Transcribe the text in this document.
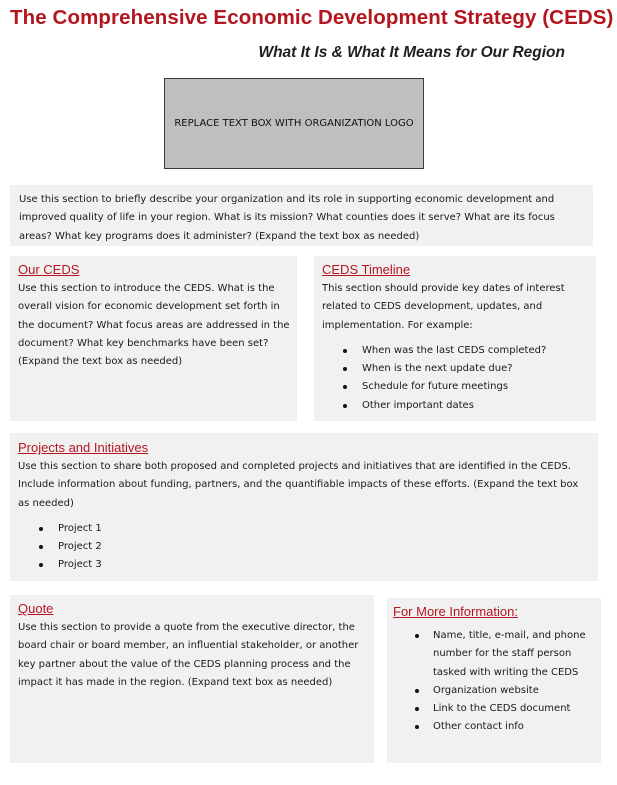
The Comprehensive Economic Development Strategy (CEDS)
What It Is & What It Means for Our Region
REPLACE TEXT BOX WITH ORGANIZATION LOGO

Use this section to briefly describe your organization and its role in supporting economic development and improved quality of life in your region. What is its mission? What counties does it serve? What are its focus areas? What key programs does it administer? (Expand the text box as needed)

Our CEDS

Use this section to introduce the CEDS. What is the overall vision for economic development set forth in the document? What focus areas are addressed in the document? What key benchmarks have been set? (Expand the text box as needed)

CEDS Timeline

This section should provide key dates of interest related to CEDS development, updates, and implementation. For example:

When was the last CEDS completed?
When is the next update due?
Schedule for future meetings
Other important dates
Projects and Initiatives

Use this section to share both proposed and completed projects and initiatives that are identified in the CEDS. Include information about funding, partners, and the quantifiable impacts of these efforts. (Expand the text box as needed)

Project 1
Project 2
Project 3
Quote

Use this section to provide a quote from the executive director, the board chair or board member, an influential stakeholder, or another key partner about the value of the CEDS planning process and the impact it has made in the region. (Expand text box as needed)

For More Information:
Name, title, e-mail, and phone number for the staff person tasked with writing the CEDS
Organization website
Link to the CEDS document
Other contact info
